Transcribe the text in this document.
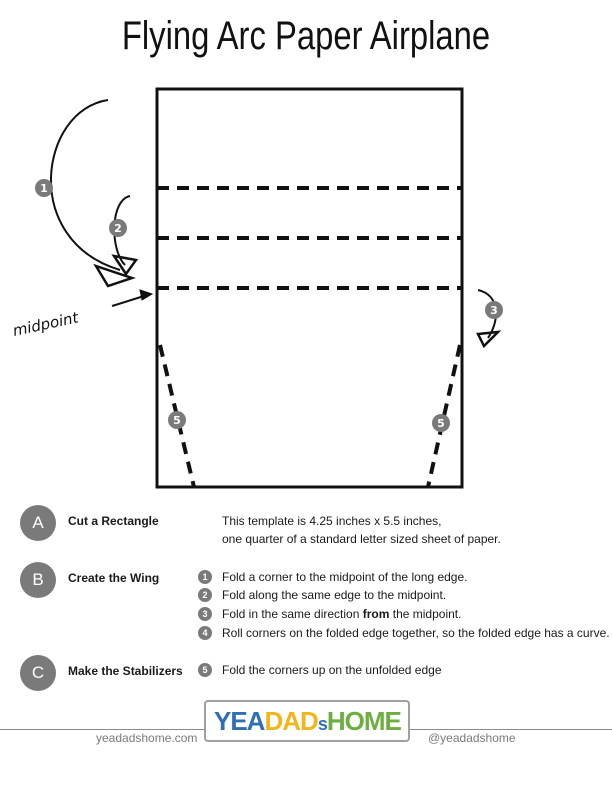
Flying Arc Paper Airplane
1
2
3
5	5
midpoint
A	Cut a Rectangle	This template is 4.25 inches x 5.5 inches,
one quarter of a standard letter sized sheet of paper.
B	Create the Wing	1	Fold a corner to the midpoint of the long edge.
2	Fold along the same edge to the midpoint.
3	Fold in the same direction from the midpoint.
4	Roll corners on the folded edge together, so the folded edge has a curve.
C	Make the Stabilizers	5	Fold the corners up on the unfolded edge
yeadadshome.com	@yeadadshome
YEADADsHOME
